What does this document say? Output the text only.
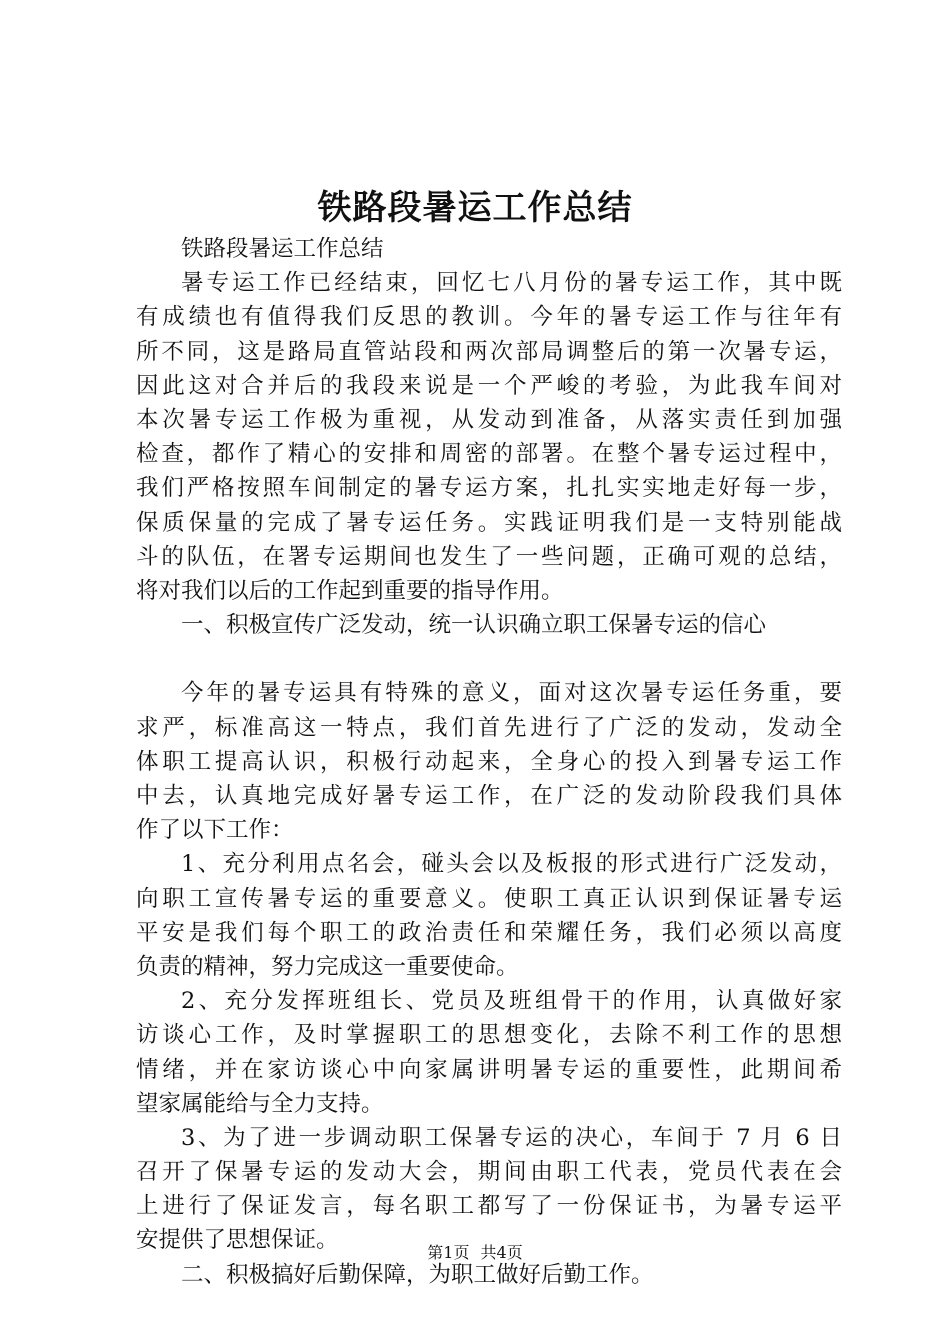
铁路段暑运工作总结
铁路段暑运工作总结
暑专运工作已经结束，回忆七八月份的暑专运工作，其中既
有成绩也有值得我们反思的教训。今年的暑专运工作与往年有
所不同，这是路局直管站段和两次部局调整后的第一次暑专运，
因此这对合并后的我段来说是一个严峻的考验，为此我车间对
本次暑专运工作极为重视，从发动到准备，从落实责任到加强
检查，都作了精心的安排和周密的部署。在整个暑专运过程中，
我们严格按照车间制定的暑专运方案，扎扎实实地走好每一步，
保质保量的完成了暑专运任务。实践证明我们是一支特别能战
斗的队伍，在署专运期间也发生了一些问题，正确可观的总结，
将对我们以后的工作起到重要的指导作用。
一、积极宣传广泛发动，统一认识确立职工保暑专运的信心
今年的暑专运具有特殊的意义，面对这次暑专运任务重，要
求严，标准高这一特点，我们首先进行了广泛的发动，发动全
体职工提高认识，积极行动起来，全身心的投入到暑专运工作
中去，认真地完成好暑专运工作，在广泛的发动阶段我们具体
作了以下工作：
1、充分利用点名会，碰头会以及板报的形式进行广泛发动，
向职工宣传暑专运的重要意义。使职工真正认识到保证暑专运
平安是我们每个职工的政治责任和荣耀任务，我们必须以高度
负责的精神，努力完成这一重要使命。
2、充分发挥班组长、党员及班组骨干的作用，认真做好家
访谈心工作，及时掌握职工的思想变化，去除不利工作的思想
情绪，并在家访谈心中向家属讲明暑专运的重要性，此期间希
望家属能给与全力支持。
3、为了进一步调动职工保暑专运的决心，车间于 7 月 6 日
召开了保暑专运的发动大会，期间由职工代表，党员代表在会
上进行了保证发言，每名职工都写了一份保证书，为暑专运平
安提供了思想保证。
二、积极搞好后勤保障，为职工做好后勤工作。
第1页 共4页
